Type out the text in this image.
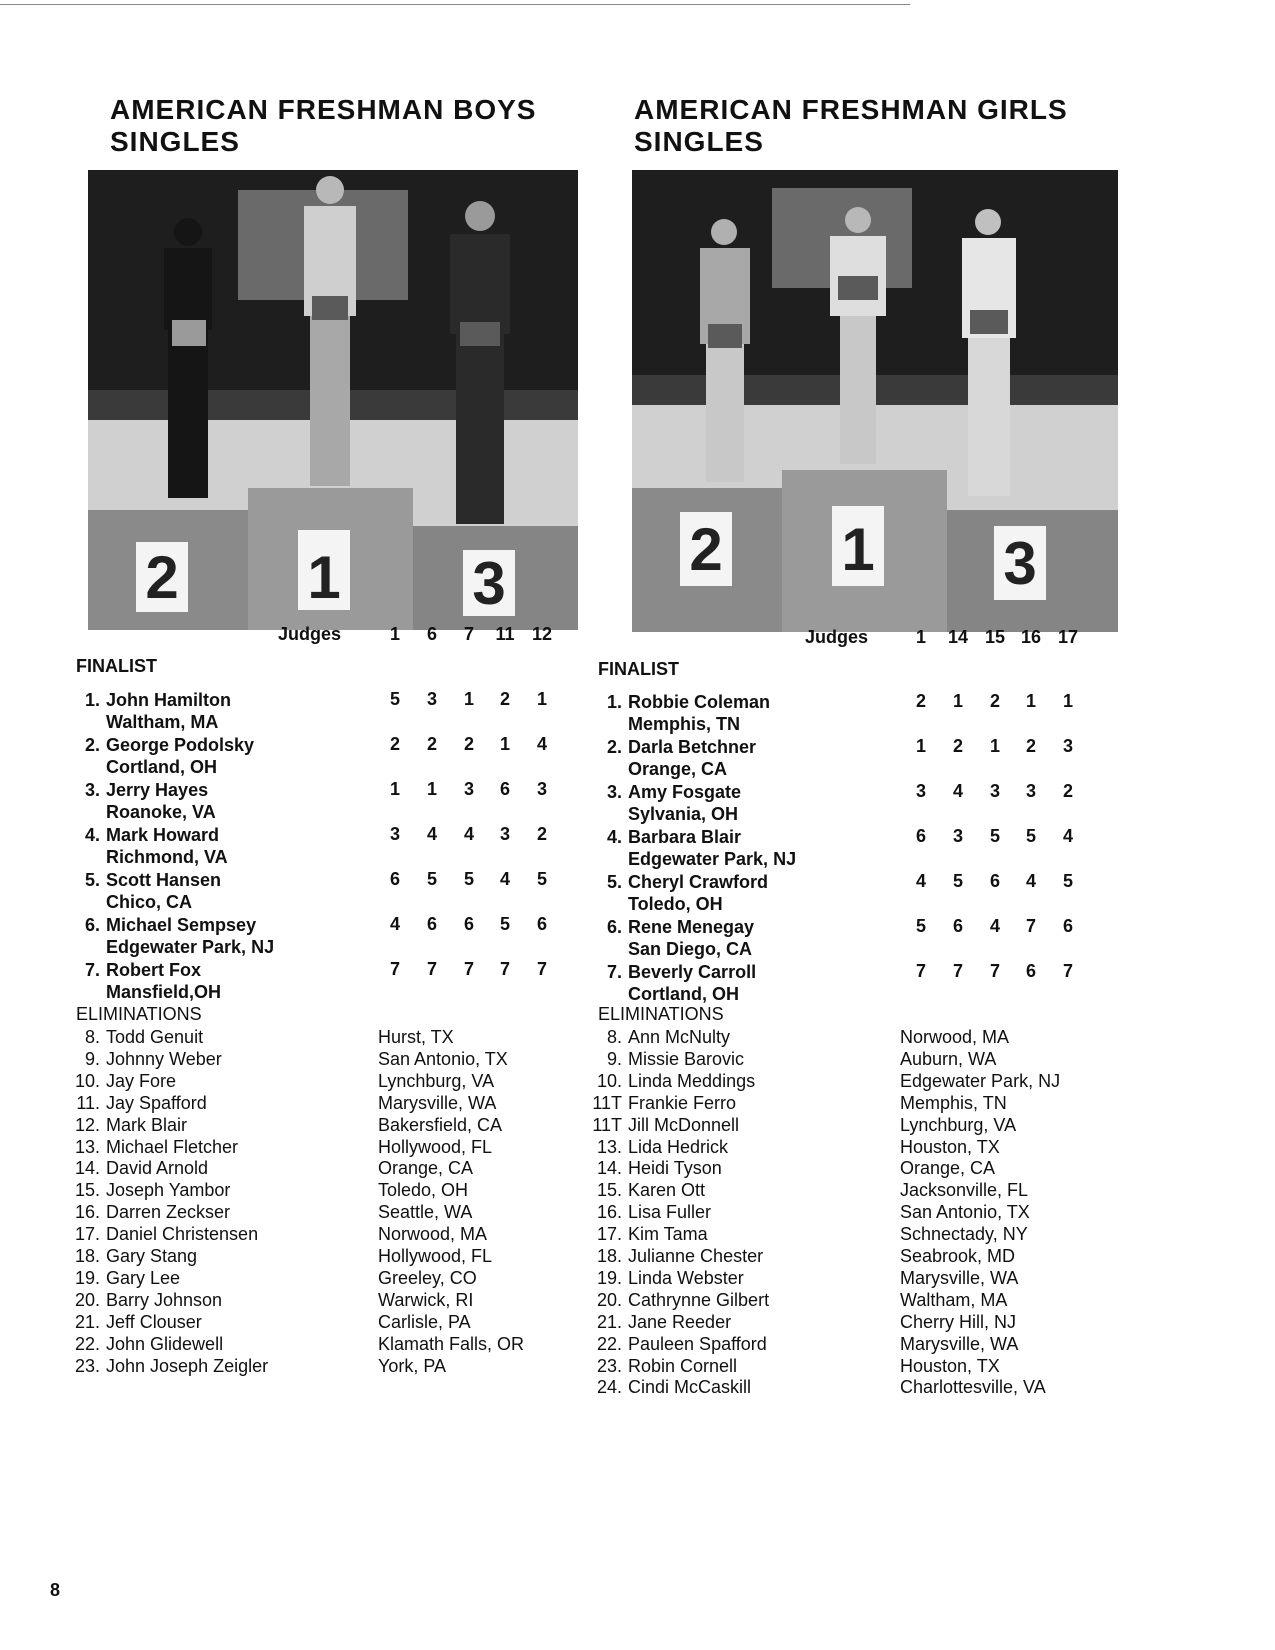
AMERICAN FRESHMAN BOYS
SINGLES
2 1 3
Judges	1	6	7	11 12
FINALIST
1. John Hamilton
Waltham, MA
5	3	1	2	1
2. George Podolsky
Cortland, OH
2	2	2	1	4
3. Jerry Hayes
Roanoke, VA
1	1	3	6	3
4. Mark Howard
Richmond, VA
3	4	4	3	2
5. Scott Hansen
Chico, CA
6	5	5	4	5
6. Michael Sempsey
Edgewater Park, NJ
4	6	6	5	6
7. Robert Fox
Mansfield,OH
7	7	7	7	7
ELIMINATIONS
8. Todd Genuit	Hurst, TX
9. Johnny Weber	San Antonio, TX
10. Jay Fore	Lynchburg, VA
11. Jay Spafford	Marysville, WA
12. Mark Blair	Bakersfield, CA
13. Michael Fletcher	Hollywood, FL
14. David Arnold	Orange, CA
15. Joseph Yambor	Toledo, OH
16. Darren Zeckser	Seattle, WA
17. Daniel Christensen	Norwood, MA
18. Gary Stang	Hollywood, FL
19. Gary Lee	Greeley, CO
20. Barry Johnson	Warwick, RI
21. Jeff Clouser	Carlisle, PA
22. John Glidewell	Klamath Falls, OR
23. John Joseph Zeigler	York, PA
AMERICAN FRESHMAN GIRLS
SINGLES
2 1 3
Judges	1	14 15 16 17
FINALIST
1. Robbie Coleman
Memphis, TN
2	1	2	1	1
2. Darla Betchner
Orange, CA
1	2	1	2	3
3. Amy Fosgate
Sylvania, OH
3	4	3	3	2
4. Barbara Blair
Edgewater Park, NJ
6	3	5	5	4
5. Cheryl Crawford
Toledo, OH
4	5	6	4	5
6. Rene Menegay
San Diego, CA
5	6	4	7	6
7. Beverly Carroll
Cortland, OH
7	7	7	6	7
ELIMINATIONS
8. Ann McNulty	Norwood, MA
9. Missie Barovic	Auburn, WA
10. Linda Meddings	Edgewater Park, NJ
11T Frankie Ferro	Memphis, TN
11T Jill McDonnell	Lynchburg, VA
13. Lida Hedrick	Houston, TX
14. Heidi Tyson	Orange, CA
15. Karen Ott	Jacksonville, FL
16. Lisa Fuller	San Antonio, TX
17. Kim Tama	Schnectady, NY
18. Julianne Chester	Seabrook, MD
19. Linda Webster	Marysville, WA
20. Cathrynne Gilbert	Waltham, MA
21. Jane Reeder	Cherry Hill, NJ
22. Pauleen Spafford	Marysville, WA
23. Robin Cornell	Houston, TX
24. Cindi McCaskill	Charlottesville, VA
8
